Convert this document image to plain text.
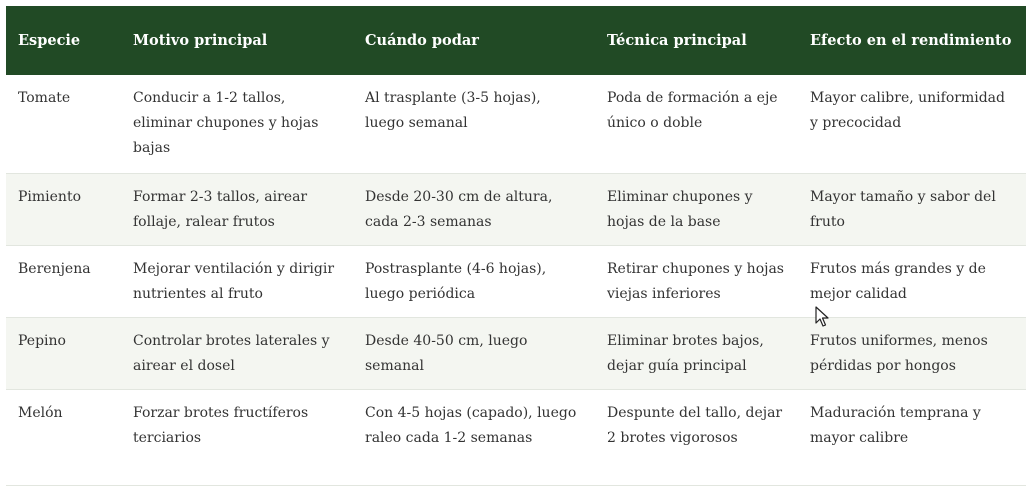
Especie	Motivo principal	Cuándo podar	Técnica principal	Efecto en el rendimiento
Tomate	Conducir a 1-2 tallos, eliminar chupones y hojas bajas	Al trasplante (3-5 hojas), luego semanal	Poda de formación a eje único o doble	Mayor calibre, uniformidad y precocidad
Pimiento	Formar 2-3 tallos, airear follaje, ralear frutos	Desde 20-30 cm de altura, cada 2-3 semanas	Eliminar chupones y hojas de la base	Mayor tamaño y sabor del fruto
Berenjena	Mejorar ventilación y dirigir nutrientes al fruto	Postrasplante (4-6 hojas), luego periódica	Retirar chupones y hojas viejas inferiores	Frutos más grandes y de mejor calidad
Pepino	Controlar brotes laterales y airear el dosel	Desde 40-50 cm, luego semanal	Eliminar brotes bajos, dejar guía principal	Frutos uniformes, menos pérdidas por hongos
Melón	Forzar brotes fructíferos terciarios	Con 4-5 hojas (capado), luego raleo cada 1-2 semanas	Despunte del tallo, dejar 2 brotes vigorosos	Maduración temprana y mayor calibre
